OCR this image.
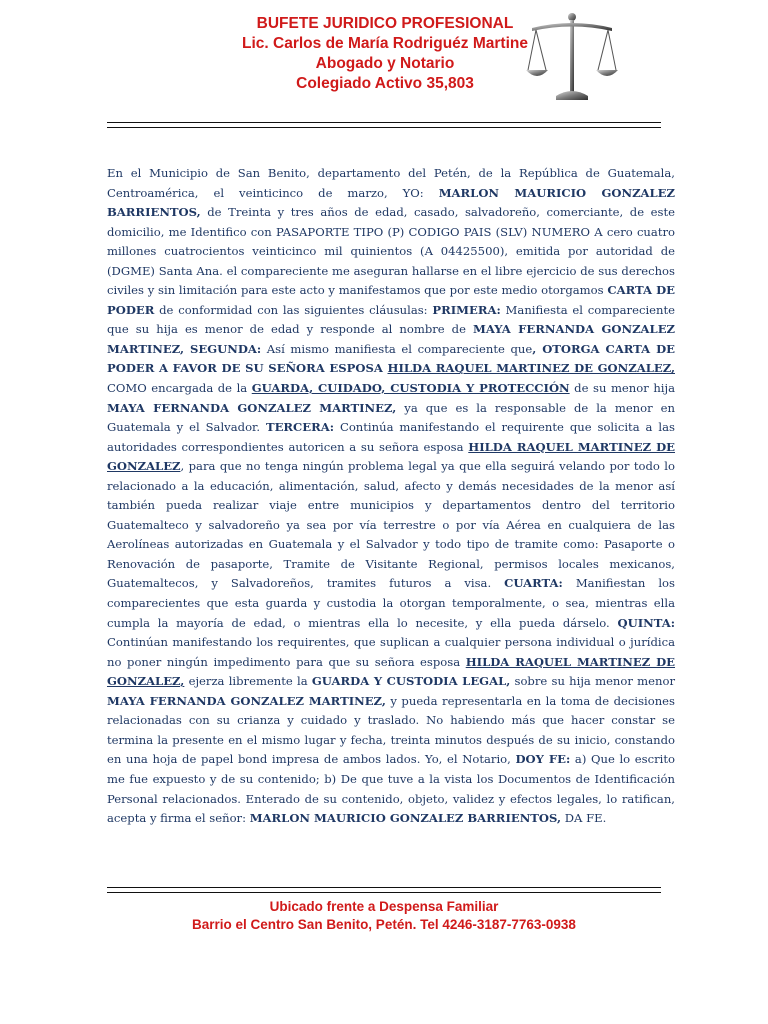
BUFETE JURIDICO PROFESIONAL
Lic. Carlos de María Rodriguéz Martine
Abogado y Notario
Colegiado Activo 35,803
En el Municipio de San Benito, departamento del Petén, de la República de Guatemala, Centroamérica, el veinticinco de marzo, YO: MARLON MAURICIO GONZALEZ BARRIENTOS, de Treinta y tres años de edad, casado, salvadoreño, comerciante, de este domicilio, me Identifico con PASAPORTE TIPO (P) CODIGO PAIS (SLV) NUMERO A cero cuatro millones cuatrocientos veinticinco mil quinientos (A 04425500), emitida por autoridad de (DGME) Santa Ana. el compareciente me aseguran hallarse en el libre ejercicio de sus derechos civiles y sin limitación para este acto y manifestamos que por este medio otorgamos CARTA DE PODER de conformidad con las siguientes cláusulas: PRIMERA: Manifiesta el compareciente que su hija es menor de edad y responde al nombre de MAYA FERNANDA GONZALEZ MARTINEZ, SEGUNDA: Así mismo manifiesta el compareciente que, OTORGA CARTA DE PODER A FAVOR DE SU SEÑORA ESPOSA HILDA RAQUEL MARTINEZ DE GONZALEZ, COMO encargada de la GUARDA, CUIDADO, CUSTODIA Y PROTECCIÓN de su menor hija MAYA FERNANDA GONZALEZ MARTINEZ, ya que es la responsable de la menor en Guatemala y el Salvador. TERCERA: Continúa manifestando el requirente que solicita a las autoridades correspondientes autoricen a su señora esposa HILDA RAQUEL MARTINEZ DE GONZALEZ, para que no tenga ningún problema legal ya que ella seguirá velando por todo lo relacionado a la educación, alimentación, salud, afecto y demás necesidades de la menor así también pueda realizar viaje entre municipios y departamentos dentro del territorio Guatemalteco y salvadoreño ya sea por vía terrestre o por vía Aérea en cualquiera de las Aerolíneas autorizadas en Guatemala y el Salvador y todo tipo de tramite como: Pasaporte o Renovación de pasaporte, Tramite de Visitante Regional, permisos locales mexicanos, Guatemaltecos, y Salvadoreños, tramites futuros a visa. CUARTA: Manifiestan los comparecientes que esta guarda y custodia la otorgan temporalmente, o sea, mientras ella cumpla la mayoría de edad, o mientras ella lo necesite, y ella pueda dárselo. QUINTA: Continúan manifestando los requirentes, que suplican a cualquier persona individual o jurídica no poner ningún impedimento para que su señora esposa HILDA RAQUEL MARTINEZ DE GONZALEZ, ejerza libremente la GUARDA Y CUSTODIA LEGAL, sobre su hija menor menor MAYA FERNANDA GONZALEZ MARTINEZ, y pueda representarla en la toma de decisiones relacionadas con su crianza y cuidado y traslado. No habiendo más que hacer constar se termina la presente en el mismo lugar y fecha, treinta minutos después de su inicio, constando en una hoja de papel bond impresa de ambos lados. Yo, el Notario, DOY FE: a) Que lo escrito me fue expuesto y de su contenido; b) De que tuve a la vista los Documentos de Identificación Personal relacionados. Enterado de su contenido, objeto, validez y efectos legales, lo ratifican, acepta y firma el señor: MARLON MAURICIO GONZALEZ BARRIENTOS, DA FE.
Ubicado frente a Despensa Familiar
Barrio el Centro San Benito, Petén. Tel 4246-3187-7763-0938
